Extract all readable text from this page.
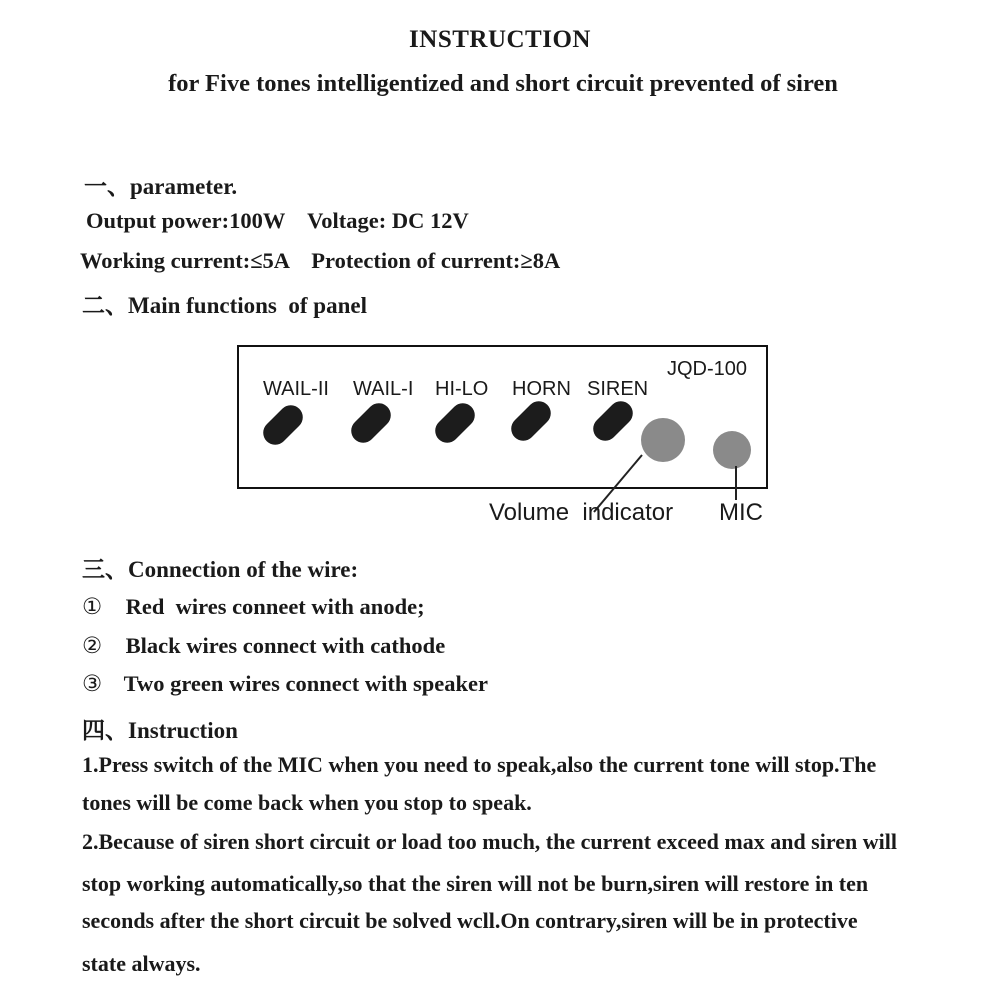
INSTRUCTION
for Five tones intelligentized and short circuit prevented of siren
一、parameter.
Output power:100W    Voltage: DC 12V
Working current:≤5A    Protection of current:≥8A
二、Main functions  of panel
JQD-100
WAIL-II WAIL-I HI-LO HORN SIREN
Volume  indicator MIC
三、Connection of the wire:
① Red  wires conneet with anode;
② Black wires connect with cathode
③ Two green wires connect with speaker
四、Instruction
1.Press switch of the MIC when you need to speak,also the current tone will stop.The
tones will be come back when you stop to speak.
2.Because of siren short circuit or load too much, the current exceed max and siren will
stop working automatically,so that the siren will not be burn,siren will restore in ten
seconds after the short circuit be solved wcll.On contrary,siren will be in protective
state always.
